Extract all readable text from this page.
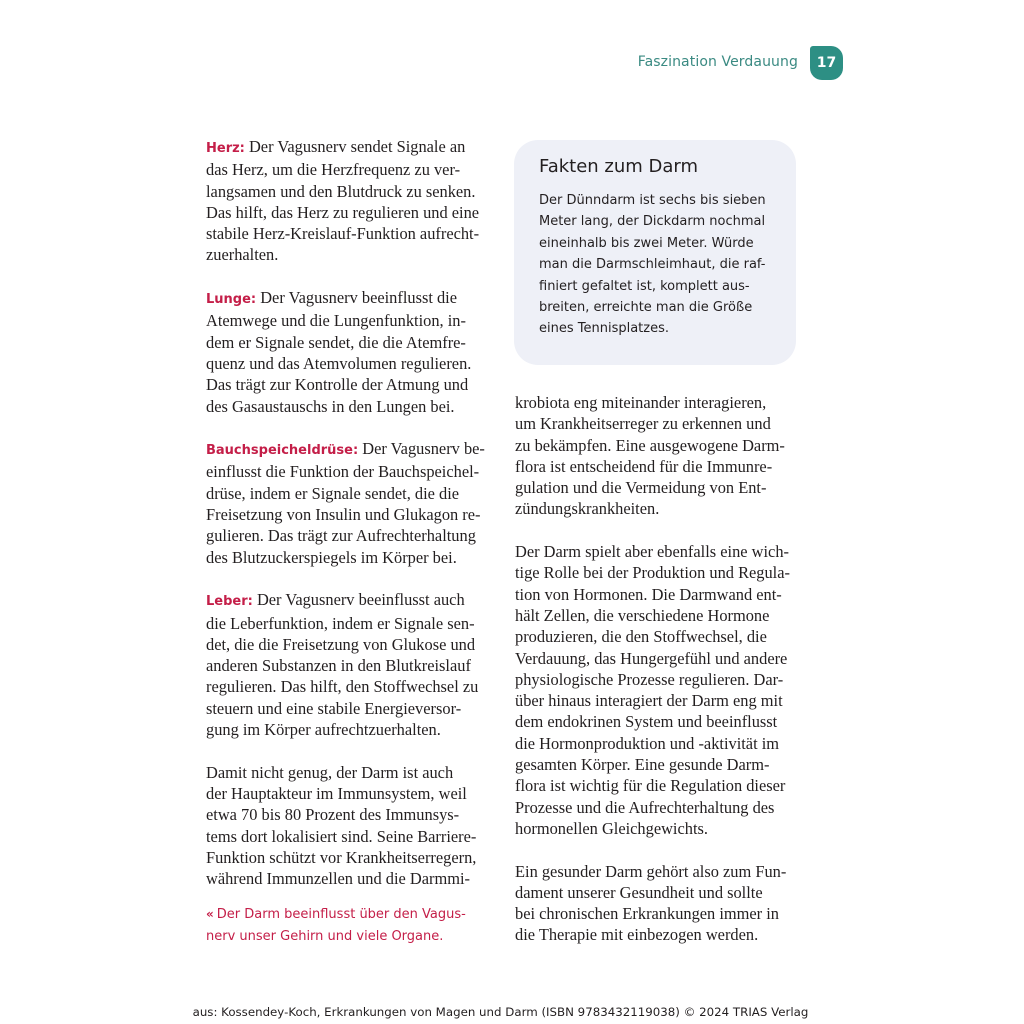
Faszination Verdauung	17

Herz: Der Vagusnerv sendet Signale an
das Herz, um die Herzfrequenz zu ver-
langsamen und den Blutdruck zu senken.
Das hilft, das Herz zu regulieren und eine
stabile Herz-Kreislauf-Funktion aufrecht-
zuerhalten.

Lunge: Der Vagusnerv beeinflusst die
Atemwege und die Lungenfunktion, in-
dem er Signale sendet, die die Atemfre-
quenz und das Atemvolumen regulieren.
Das trägt zur Kontrolle der Atmung und
des Gasaustauschs in den Lungen bei.

Bauchspeicheldrüse: Der Vagusnerv be-
einflusst die Funktion der Bauchspeichel-
drüse, indem er Signale sendet, die die
Freisetzung von Insulin und Glukagon re-
gulieren. Das trägt zur Aufrechterhaltung
des Blutzuckerspiegels im Körper bei.

Leber: Der Vagusnerv beeinflusst auch
die Leberfunktion, indem er Signale sen-
det, die die Freisetzung von Glukose und
anderen Substanzen in den Blutkreislauf
regulieren. Das hilft, den Stoffwechsel zu
steuern und eine stabile Energieversor-
gung im Körper aufrechtzuerhalten.

Damit nicht genug, der Darm ist auch
der Hauptakteur im Immunsystem, weil
etwa 70 bis 80 Prozent des Immunsys-
tems dort lokalisiert sind. Seine Barriere-
Funktion schützt vor Krankheitserregern,
während Immunzellen und die Darmmi-

« Der Darm beeinflusst über den Vagus-
nerv unser Gehirn und viele Organe.
Fakten zum Darm
Der Dünndarm ist sechs bis sieben
Meter lang, der Dickdarm nochmal
eineinhalb bis zwei Meter. Würde
man die Darmschleimhaut, die raf-
finiert gefaltet ist, komplett aus-
breiten, erreichte man die Größe
eines Tennisplatzes.

krobiota eng miteinander interagieren,
um Krankheitserreger zu erkennen und
zu bekämpfen. Eine ausgewogene Darm-
flora ist entscheidend für die Immunre-
gulation und die Vermeidung von Ent-
zündungskrankheiten.

Der Darm spielt aber ebenfalls eine wich-
tige Rolle bei der Produktion und Regula-
tion von Hormonen. Die Darmwand ent-
hält Zellen, die verschiedene Hormone
produzieren, die den Stoffwechsel, die
Verdauung, das Hungergefühl und andere
physiologische Prozesse regulieren. Dar-
über hinaus interagiert der Darm eng mit
dem endokrinen System und beeinflusst
die Hormonproduktion und -aktivität im
gesamten Körper. Eine gesunde Darm-
flora ist wichtig für die Regulation dieser
Prozesse und die Aufrechterhaltung des
hormonellen Gleichgewichts.

Ein gesunder Darm gehört also zum Fun-
dament unserer Gesundheit und sollte
bei chronischen Erkrankungen immer in
die Therapie mit einbezogen werden.

aus: Kossendey-Koch, Erkrankungen von Magen und Darm (ISBN 9783432119038) © 2024 TRIAS Verlag
